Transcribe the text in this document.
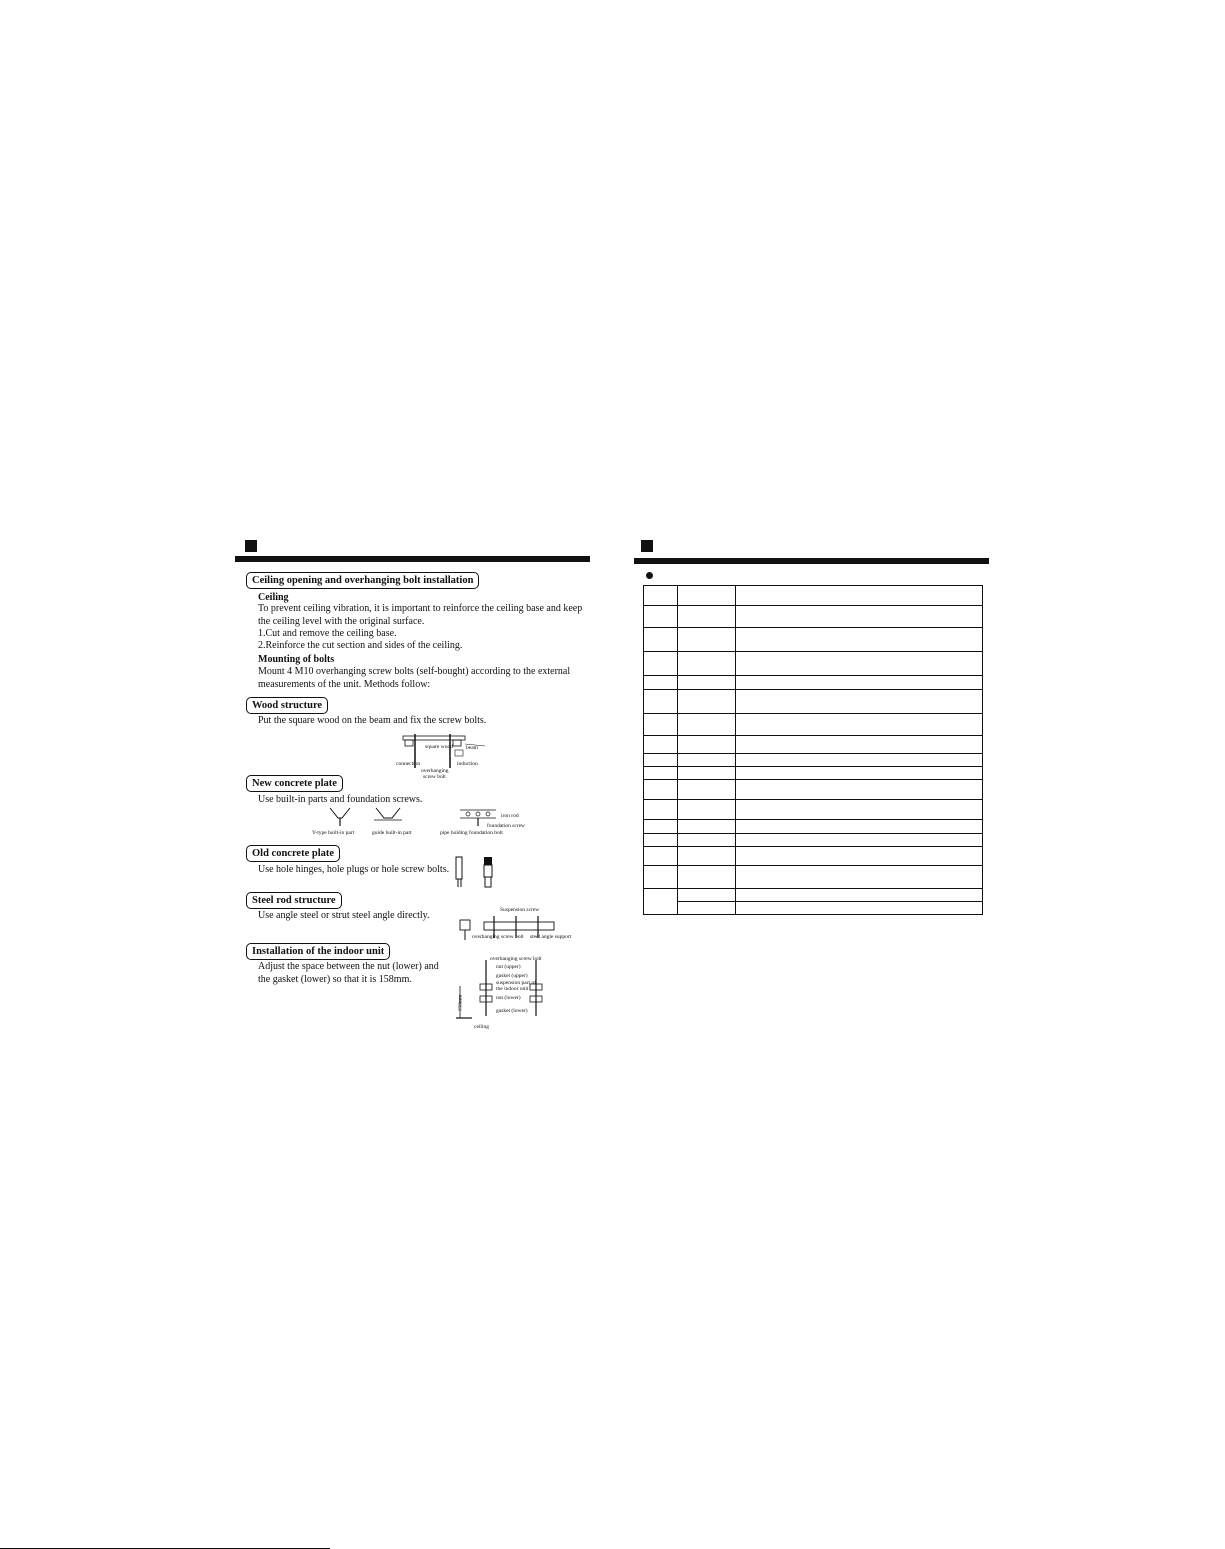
Ceiling opening and overhanging bolt installation
Ceiling
To prevent ceiling vibration, it is important to reinforce the ceiling base and keep the ceiling level with the original surface.
1.Cut and remove the ceiling base.
2.Reinforce the cut section and sides of the ceiling.
Mounting of bolts
Mount 4 M10 overhanging screw bolts (self-bought) according to the external measurements of the unit. Methods follow:
Wood structure
Put the square wood on the beam and fix the screw bolts.
square wood beam
connection	induction
overhanging
screw bolt
New concrete plate
Use built-in parts and foundation screws.
iron rod
foundation screw
Y-type built-in part	guide built-in part	pipe holding foundation bolt
Old concrete plate
Use hole hinges, hole plugs or hole screw bolts.
Steel rod structure
Use angle steel or strut steel angle directly.	Suspension screw
overhanging screw bolt steel angle support
Installation of the indoor unit
Adjust the space between the nut (lower) and the gasket (lower) so that it is 158mm.
overhanging screw bolt
nut (upper)
gasket (upper)
suspension part of
the indoor unit
nut (lower)
gasket (lower)
ceiling
158mm
